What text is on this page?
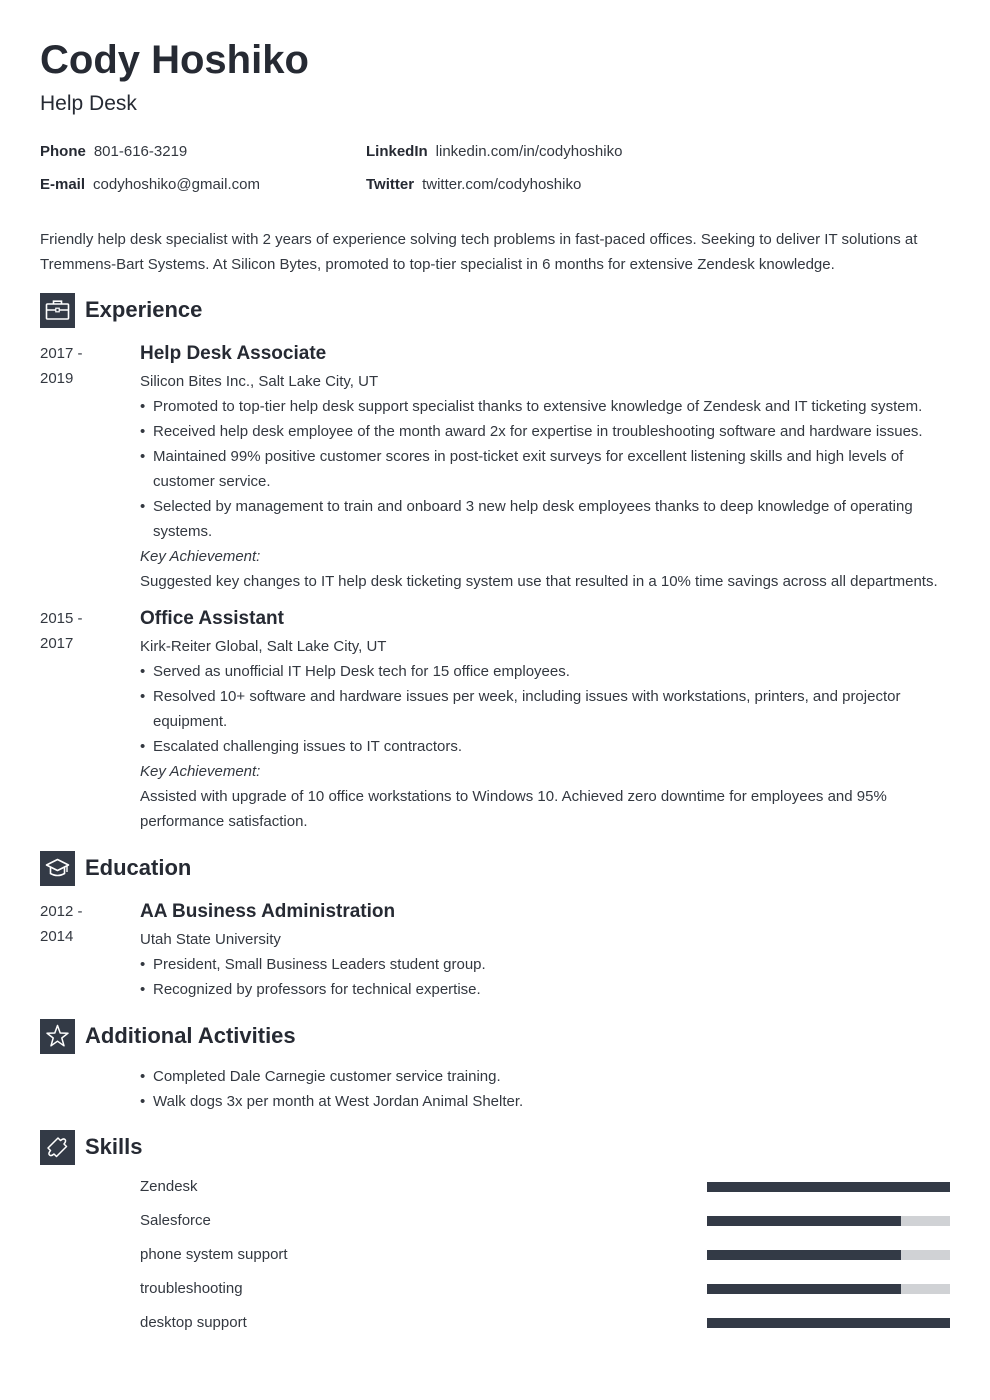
Cody Hoshiko
Help Desk
Phone 801-616-3219	LinkedIn linkedin.com/in/codyhoshiko
E-mail codyhoshiko@gmail.com	Twitter twitter.com/codyhoshiko
Friendly help desk specialist with 2 years of experience solving tech problems in fast-paced offices. Seeking to deliver IT solutions at Tremmens-Bart Systems. At Silicon Bytes, promoted to top-tier specialist in 6 months for extensive Zendesk knowledge.
Experience
2017 -
2019
Help Desk Associate
Silicon Bites Inc., Salt Lake City, UT
• Promoted to top-tier help desk support specialist thanks to extensive knowledge of Zendesk and IT ticketing system.
• Received help desk employee of the month award 2x for expertise in troubleshooting software and hardware issues.
• Maintained 99% positive customer scores in post-ticket exit surveys for excellent listening skills and high levels of customer service.
• Selected by management to train and onboard 3 new help desk employees thanks to deep knowledge of operating systems.
Key Achievement:
Suggested key changes to IT help desk ticketing system use that resulted in a 10% time savings across all departments.
2015 -
2017
Office Assistant
Kirk-Reiter Global, Salt Lake City, UT
• Served as unofficial IT Help Desk tech for 15 office employees.
• Resolved 10+ software and hardware issues per week, including issues with workstations, printers, and projector equipment.
• Escalated challenging issues to IT contractors.
Key Achievement:
Assisted with upgrade of 10 office workstations to Windows 10. Achieved zero downtime for employees and 95% performance satisfaction.
Education
2012 -
2014
AA Business Administration
Utah State University
• President, Small Business Leaders student group.
• Recognized by professors for technical expertise.
Additional Activities
• Completed Dale Carnegie customer service training.
• Walk dogs 3x per month at West Jordan Animal Shelter.
Skills
Zendesk
Salesforce
phone system support
troubleshooting
desktop support
